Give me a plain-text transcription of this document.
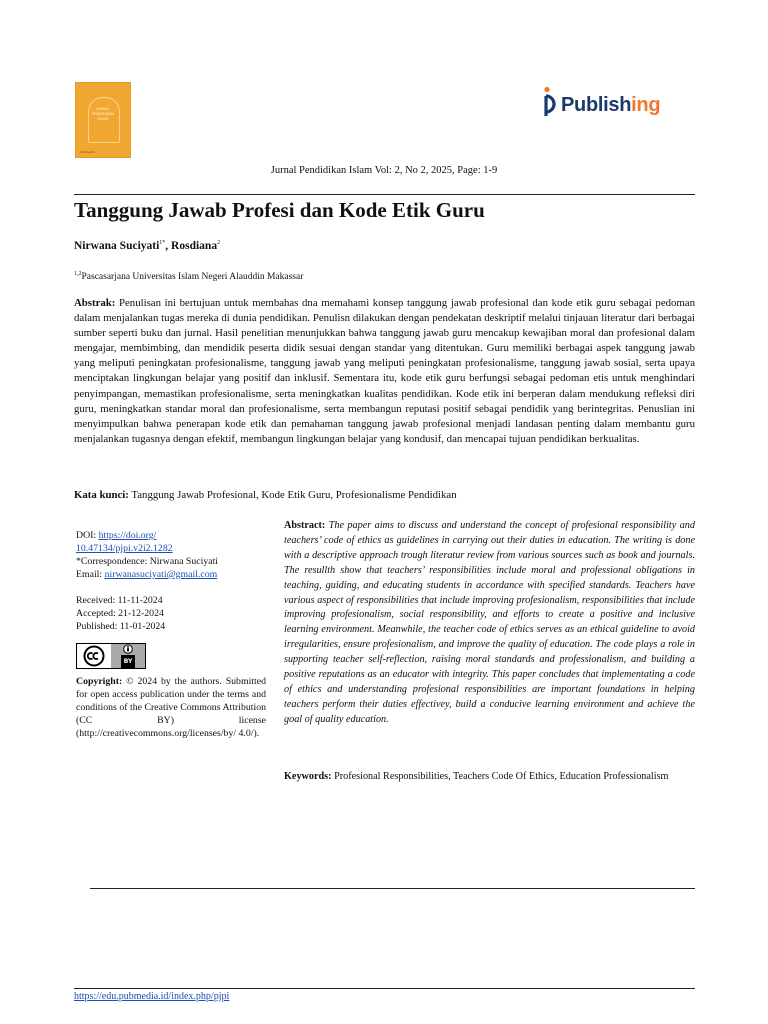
JURNAL
PENDIDIKAN
ISLAM
Pubmedia
Publishing
Jurnal Pendidikan Islam Vol: 2, No 2, 2025, Page: 1-9
Tanggung Jawab Profesi dan Kode Etik Guru
Nirwana Suciyati$^{1*}$, Rosdiana$^2$
$^{1,2}$Pascasarjana Universitas Islam Negeri Alauddin Makassar
Abstrak: Penulisan ini bertujuan untuk membahas dna memahami konsep tanggung jawab profesional dan kode etik guru sebagai pedoman dalam menjalankan tugas mereka di dunia pendidikan. Penulisn dilakukan dengan pendekatan deskriptif melalui tinjauan literatur dari berbagai sumber seperti buku dan jurnal. Hasil penelitian menunjukkan bahwa tanggung jawab guru mencakup kewajiban moral dan profesional dalam mengajar, membimbing, dan mendidik peserta didik sesuai dengan standar yang ditentukan. Guru memiliki berbagai aspek tanggung jawab yang meliputi peningkatan profesionalisme, tanggung jawab yang meliputi peningkatan profesionalisme, tanggung jawab sosial, serta upaya menciptakan lingkungan belajar yang positif dan inklusif. Sementara itu, kode etik guru berfungsi sebagai pedoman etis untuk menghindari penyimpangan, memastikan profesionalisme, serta meningkatkan kualitas pendidikan. Kode etik ini berperan dalam mendukung refleksi diri guru, meningkatkan standar moral dan profesionalisme, serta membangun reputasi positif sebagai pendidik yang berintegritas. Penuslian ini menyimpulkan bahwa penerapan kode etik dan pemahaman tanggung jawab profesional menjadi landasan penting dalam membantu guru menjalankan tugasnya dengan efektif, membangun lingkungan belajar yang kondusif, dan mencapai tujuan pendidikan berkualitas.
Kata kunci: Tanggung Jawab Profesional, Kode Etik Guru, Profesionalisme Pendidikan
DOI: https://doi.org/
10.47134/pjpi.v2i2.1282
*Correspondence: Nirwana Suciyati
Email: nirwanasuciyati@gmail.com
Received: 11-11-2024
Accepted: 21-12-2024
Published: 11-01-2024
BY
Copyright: © 2024 by the authors. Submitted for open access publication under the terms and conditions of the Creative Commons Attribution (CC BY) license (http://creativecommons.org/licenses/by/ 4.0/).
Abstract: The paper aims to discuss and understand the concept of profesional responsibility and teachers’ code of ethics as guidelines in carrying out their duties in education. The writing is done with a descriptive approach trough literatur review from various sources such as book and journals. The resullth show that teachers’ responsibilities include moral and professional obligations in teaching, guiding, and educating students in accordance with specified standards. Teachers have various aspect of responsibilities that include improving profesionalism, responsibilities that include improving profesionalism, social responsibility, and efforts to create a positive and inclusive learning environment. Meanwhile, the teacher code of ethics serves as an ethical guideline to avoid irregularities, ensure profesionalism, and improve the quality of education. The code plays a role in supporting teacher self-reflection, raising moral standards and professionalism, and building a positive reputations as an educator with integrity. This paper concludes that implementating a code of ethics and understanding profesional responsibilities are important foundations in helping teachers perform their duties effectivey, build a conducive learning environment and achieve the goal of quality education.
Keywords: Profesional Responsibilities, Teachers Code Of Ethics, Education Professionalism
https://edu.pubmedia.id/index.php/pjpi
